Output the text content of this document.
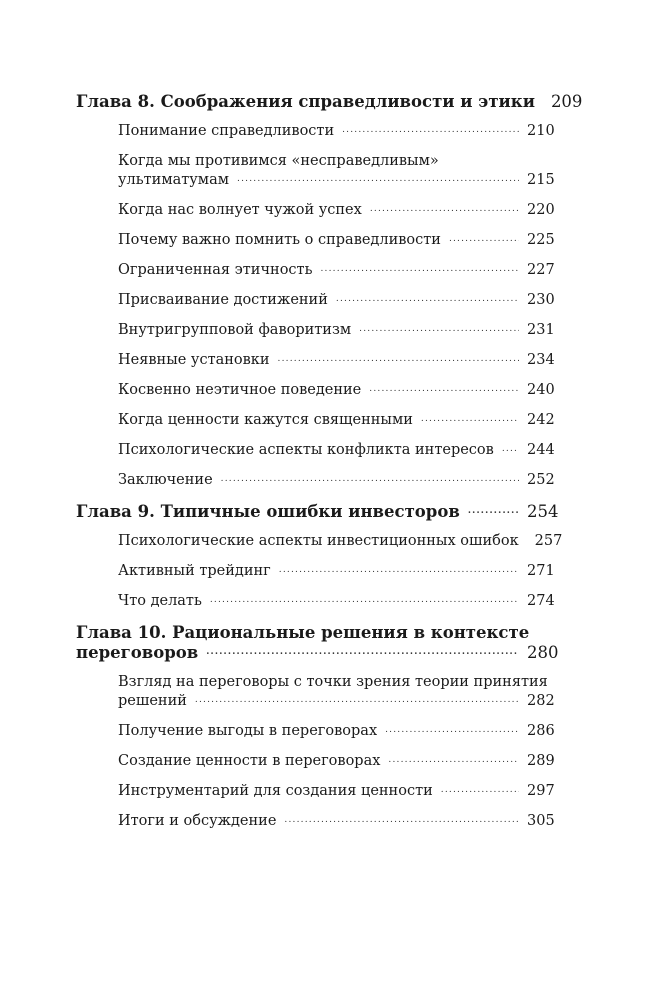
Глава 8. Соображения справедливости и этики 209
Понимание справедливости .....	210
Когда мы противимся «несправедливым»
ультиматумам .....	215
Когда нас волнует чужой успех .....	220
Почему важно помнить о справедливости .....	225
Ограниченная этичность .....	227
Присваивание достижений .....	230
Внутригрупповой фаворитизм .....	231
Неявные установки .....	234
Косвенно неэтичное поведение .....	240
Когда ценности кажутся священными .....	242
Психологические аспекты конфликта интересов ..... 244
Заключение .....	252
Глава 9. Типичные ошибки инвесторов .....	254
Психологические аспекты инвестиционных ошибок 257
Активный трейдинг .....	271
Что делать .....	274
Глава 10. Рациональные решения в контексте
переговоров .....	280
Взгляд на переговоры с точки зрения теории принятия
решений .....	282
Получение выгоды в переговорах .....	286
Создание ценности в переговорах .....	289
Инструментарий для создания ценности .....	297
Итоги и обсуждение .....	305
